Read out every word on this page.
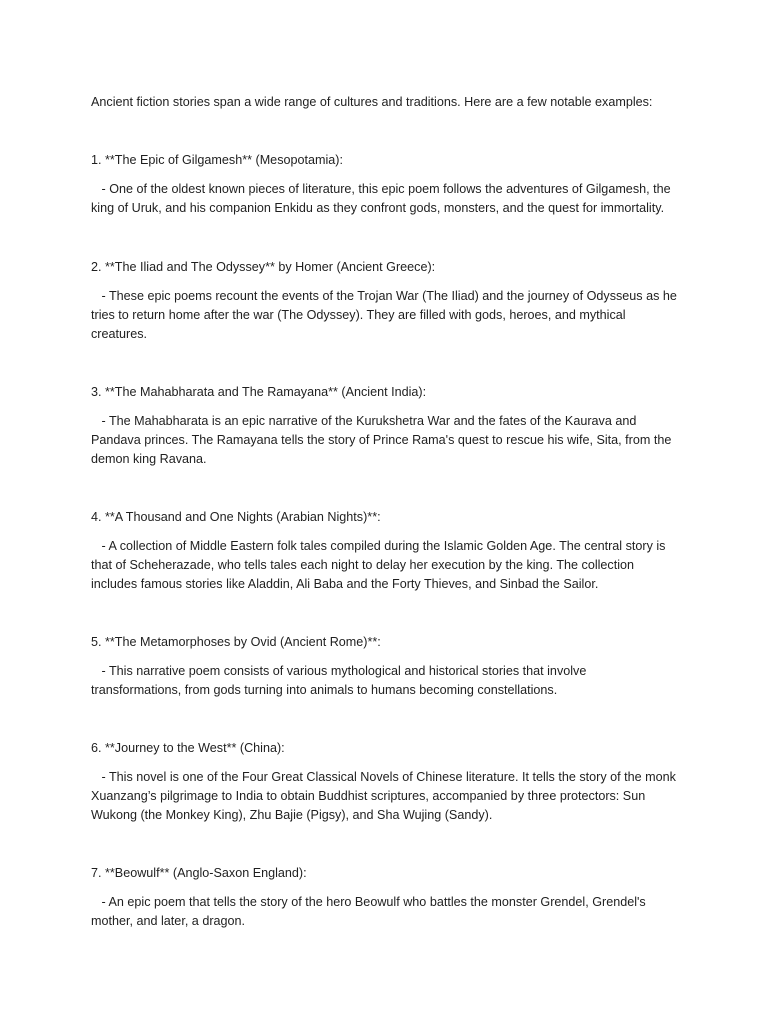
Ancient fiction stories span a wide range of cultures and traditions. Here are a few notable examples:

1. **The Epic of Gilgamesh** (Mesopotamia):

- One of the oldest known pieces of literature, this epic poem follows the adventures of Gilgamesh, the
king of Uruk, and his companion Enkidu as they confront gods, monsters, and the quest for immortality.

2. **The Iliad and The Odyssey** by Homer (Ancient Greece):

- These epic poems recount the events of the Trojan War (The Iliad) and the journey of Odysseus as he
tries to return home after the war (The Odyssey). They are filled with gods, heroes, and mythical
creatures.

3. **The Mahabharata and The Ramayana** (Ancient India):

- The Mahabharata is an epic narrative of the Kurukshetra War and the fates of the Kaurava and
Pandava princes. The Ramayana tells the story of Prince Rama's quest to rescue his wife, Sita, from the
demon king Ravana.

4. **A Thousand and One Nights (Arabian Nights)**:

- A collection of Middle Eastern folk tales compiled during the Islamic Golden Age. The central story is
that of Scheherazade, who tells tales each night to delay her execution by the king. The collection
includes famous stories like Aladdin, Ali Baba and the Forty Thieves, and Sinbad the Sailor.

5. **The Metamorphoses by Ovid (Ancient Rome)**:

- This narrative poem consists of various mythological and historical stories that involve
transformations, from gods turning into animals to humans becoming constellations.

6. **Journey to the West** (China):

- This novel is one of the Four Great Classical Novels of Chinese literature. It tells the story of the monk
Xuanzang’s pilgrimage to India to obtain Buddhist scriptures, accompanied by three protectors: Sun
Wukong (the Monkey King), Zhu Bajie (Pigsy), and Sha Wujing (Sandy).

7. **Beowulf** (Anglo-Saxon England):

- An epic poem that tells the story of the hero Beowulf who battles the monster Grendel, Grendel's
mother, and later, a dragon.
